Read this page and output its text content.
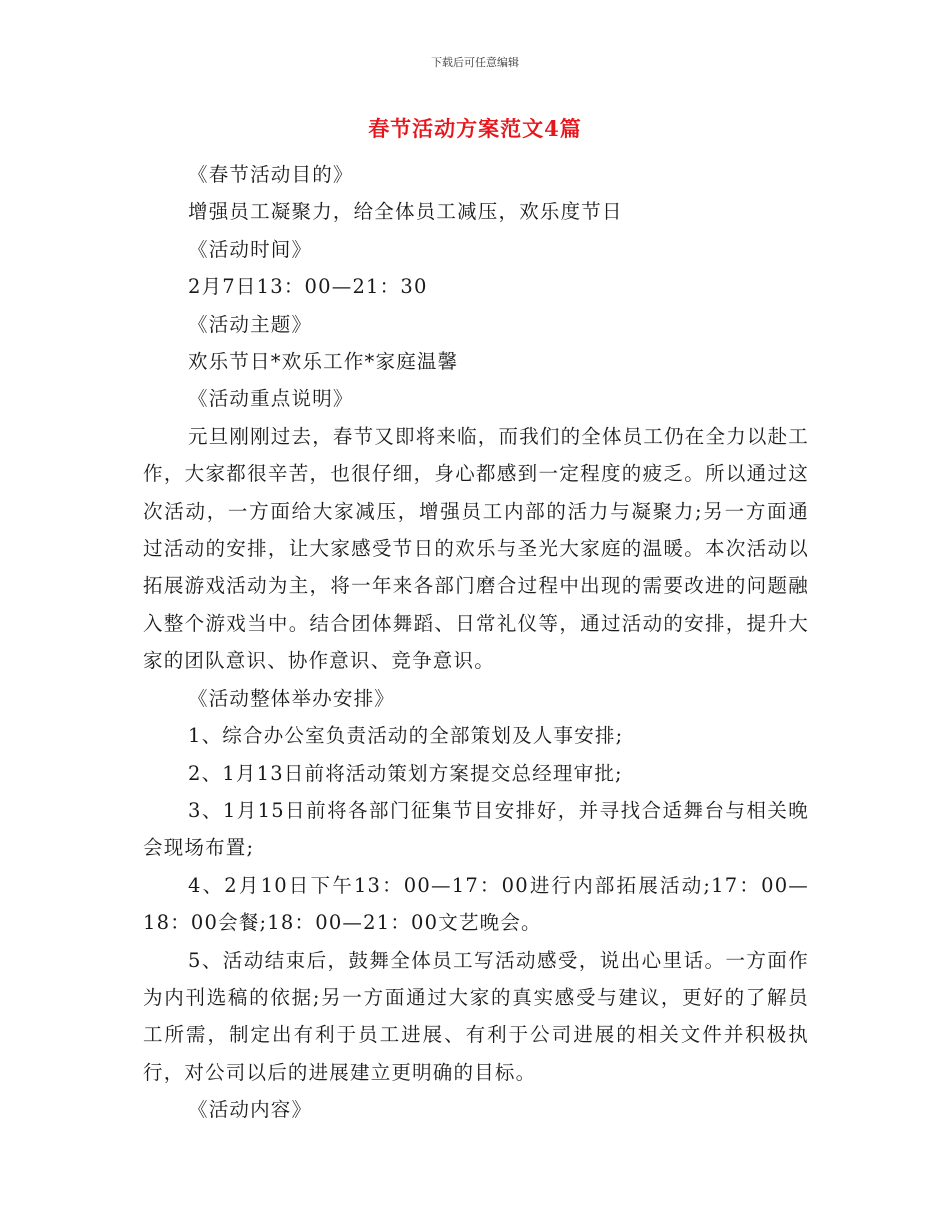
下载后可任意编辑
春节活动方案范文4篇

《春节活动目的》

增强员工凝聚力，给全体员工减压，欢乐度节日

《活动时间》

2月7日13：00—21：30

《活动主题》

欢乐节日*欢乐工作*家庭温馨

《活动重点说明》

元旦刚刚过去，春节又即将来临，而我们的全体员工仍在全力以赴工作，大家都很辛苦，也很仔细，身心都感到一定程度的疲乏。所以通过这次活动，一方面给大家减压，增强员工内部的活力与凝聚力;另一方面通过活动的安排，让大家感受节日的欢乐与圣光大家庭的温暖。本次活动以拓展游戏活动为主，将一年来各部门磨合过程中出现的需要改进的问题融入整个游戏当中。结合团体舞蹈、日常礼仪等，通过活动的安排，提升大家的团队意识、协作意识、竞争意识。

《活动整体举办安排》

1、综合办公室负责活动的全部策划及人事安排;

2、1月13日前将活动策划方案提交总经理审批;

3、1月15日前将各部门征集节目安排好，并寻找合适舞台与相关晚会现场布置;

4、2月10日下午13：00—17：00进行内部拓展活动;17：00—18：00会餐;18：00—21：00文艺晚会。

5、活动结束后，鼓舞全体员工写活动感受，说出心里话。一方面作为内刊选稿的依据;另一方面通过大家的真实感受与建议，更好的了解员工所需，制定出有利于员工进展、有利于公司进展的相关文件并积极执行，对公司以后的进展建立更明确的目标。

《活动内容》
